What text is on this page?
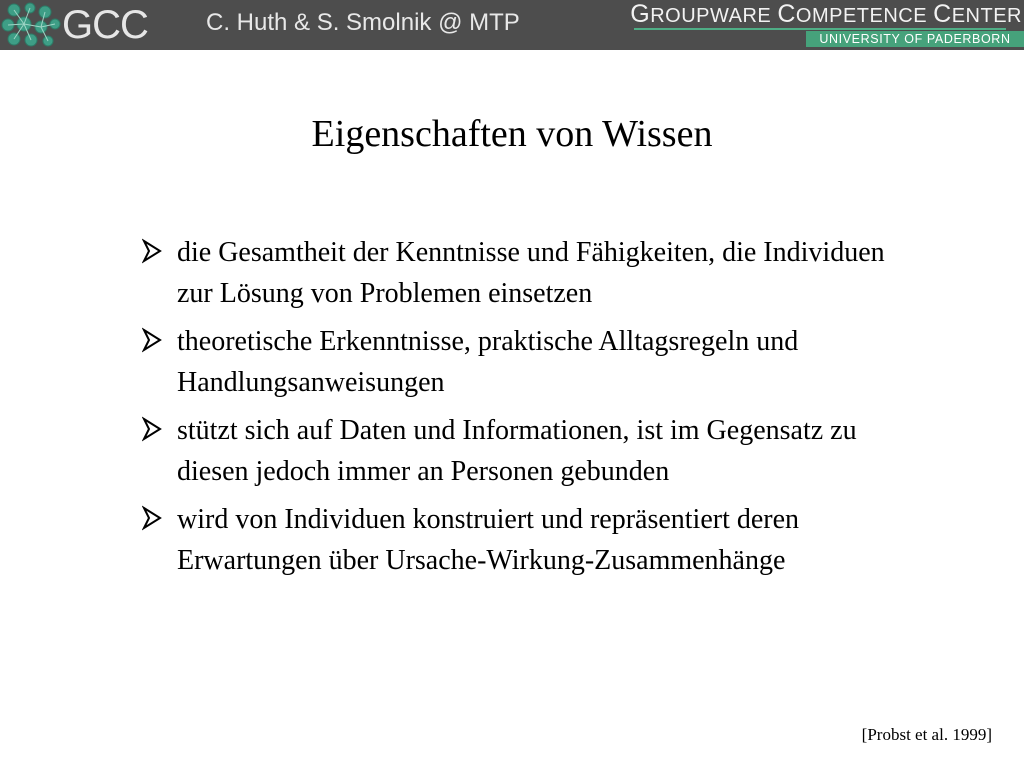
GCC C. Huth & S. Smolnik @ MTP	GROUPWARE COMPETENCE CENTER
UNIVERSITY OF PADERBORN
Eigenschaften von Wissen
die Gesamtheit der Kenntnisse und Fähigkeiten, die Individuen zur Lösung von Problemen einsetzen
theoretische Erkenntnisse, praktische Alltagsregeln und Handlungsanweisungen
stützt sich auf Daten und Informationen, ist im Gegensatz zu diesen jedoch immer an Personen gebunden
wird von Individuen konstruiert und repräsentiert deren Erwartungen über Ursache-Wirkung-Zusammenhänge
[Probst et al. 1999]
